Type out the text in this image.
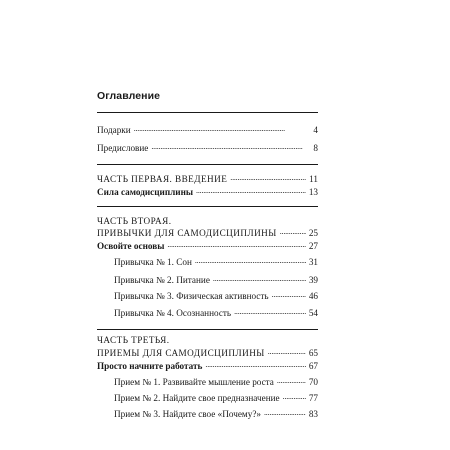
Оглавление
Подарки . . .	4
Предисловие . . .	8
ЧАСТЬ ПЕРВАЯ. ВВЕДЕНИЕ . . .	11
Сила самодисциплины . . .	13
ЧАСТЬ ВТОРАЯ.
ПРИВЫЧКИ ДЛЯ САМОДИСЦИПЛИНЫ . . .	25
Освойте основы . . .	27
Привычка № 1. Сон . . .	31
Привычка № 2. Питание . . .	39
Привычка № 3. Физическая активность . . .	46
Привычка № 4. Осознанность . . .	54
ЧАСТЬ ТРЕТЬЯ.
ПРИЕМЫ ДЛЯ САМОДИСЦИПЛИНЫ . . .	65
Просто начните работать . . .	67
Прием № 1. Развивайте мышление роста . . .	70
Прием № 2. Найдите свое предназначение . . .	77
Прием № 3. Найдите свое «Почему?» . . .	83
